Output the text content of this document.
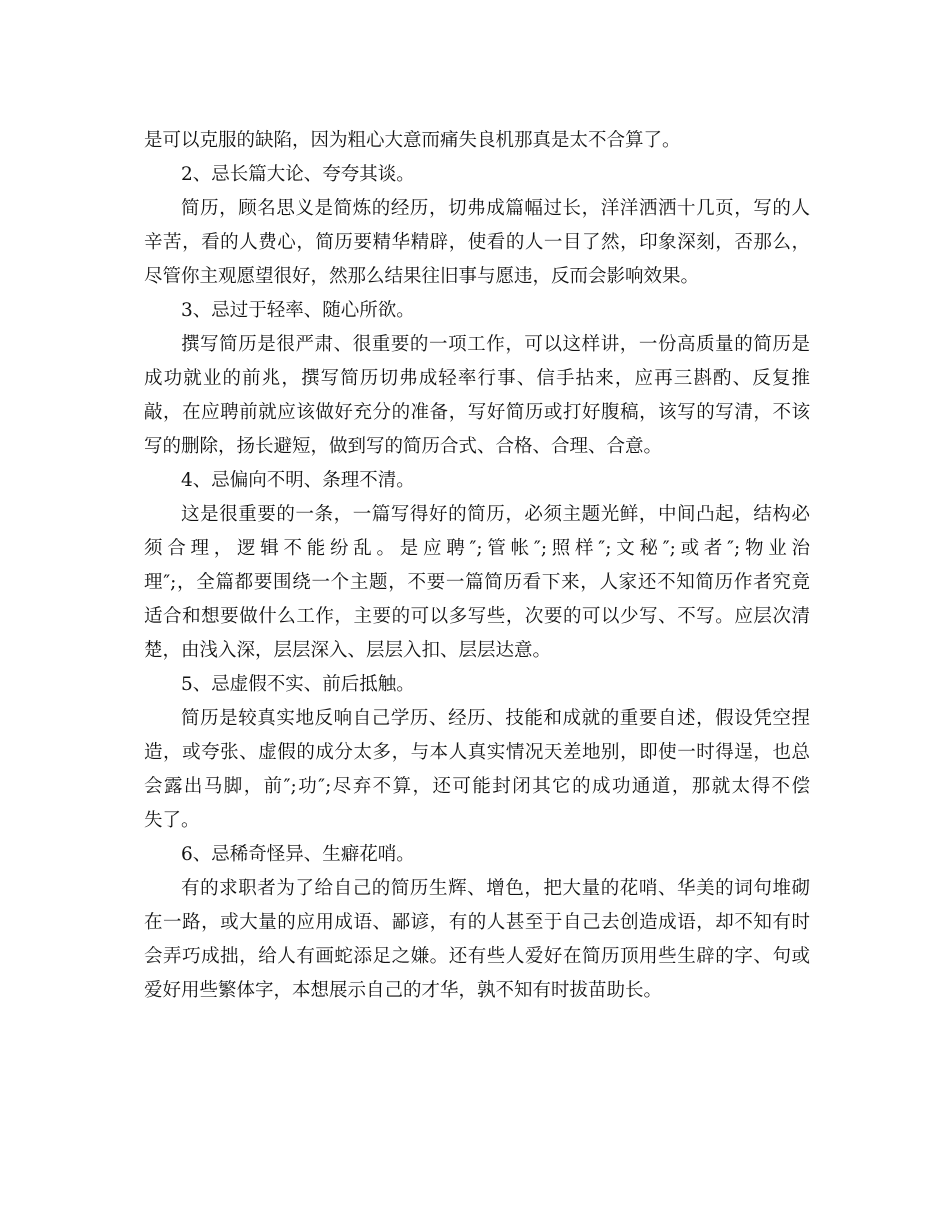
是可以克服的缺陷，因为粗心大意而痛失良机那真是太不合算了。
2、忌长篇大论、夸夸其谈。
简历，顾名思义是简炼的经历，切弗成篇幅过长，洋洋洒洒十几页，写的人
辛苦，看的人费心，简历要精华精辟，使看的人一目了然，印象深刻，否那么，
尽管你主观愿望很好，然那么结果往旧事与愿违，反而会影响效果。
3、忌过于轻率、随心所欲。
撰写简历是很严肃、很重要的一项工作，可以这样讲，一份高质量的简历是
成功就业的前兆，撰写简历切弗成轻率行事、信手拈来，应再三斟酌、反复推
敲，在应聘前就应该做好充分的准备，写好简历或打好腹稿，该写的写清，不该
写的删除，扬长避短，做到写的简历合式、合格、合理、合意。
4、忌偏向不明、条理不清。
这是很重要的一条，一篇写得好的简历，必须主题光鲜，中间凸起，结构必
须合理，逻辑不能纷乱。是应聘″;管帐″;照样″;文秘″;或者″;物业治
理″;，全篇都要围绕一个主题，不要一篇简历看下来，人家还不知简历作者究竟
适合和想要做什么工作，主要的可以多写些，次要的可以少写、不写。应层次清
楚，由浅入深，层层深入、层层入扣、层层达意。
5、忌虚假不实、前后抵触。
简历是较真实地反响自己学历、经历、技能和成就的重要自述，假设凭空捏
造，或夸张、虚假的成分太多，与本人真实情况天差地别，即使一时得逞，也总
会露出马脚，前″;功″;尽弃不算，还可能封闭其它的成功通道，那就太得不偿
失了。
6、忌稀奇怪异、生癖花哨。
有的求职者为了给自己的简历生辉、增色，把大量的花哨、华美的词句堆砌
在一路，或大量的应用成语、鄙谚，有的人甚至于自己去创造成语，却不知有时
会弄巧成拙，给人有画蛇添足之嫌。还有些人爱好在简历顶用些生辟的字、句或
爱好用些繁体字，本想展示自己的才华，孰不知有时拔苗助长。
